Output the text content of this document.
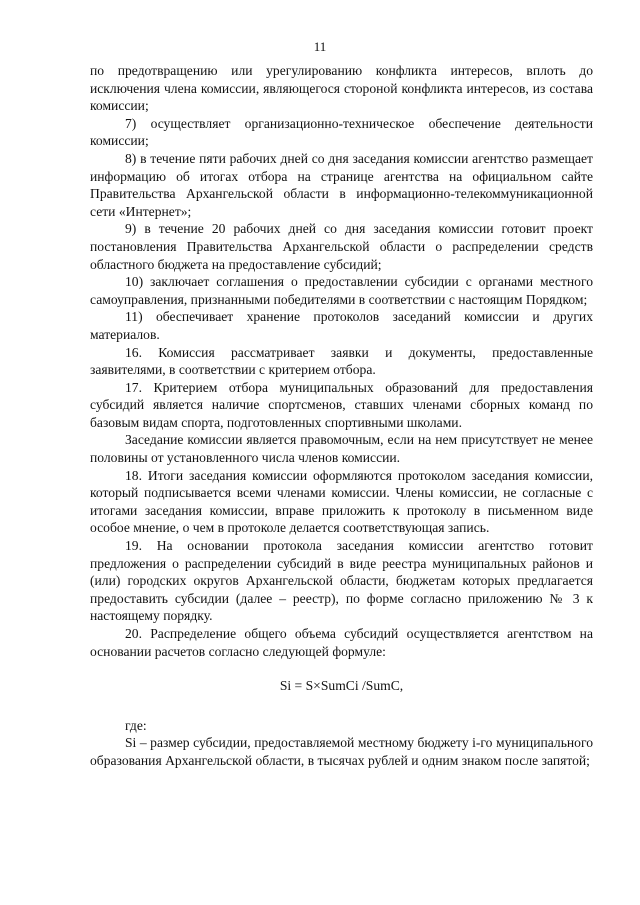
11

по предотвращению или урегулированию конфликта интересов, вплоть до исключения члена комиссии, являющегося стороной конфликта интересов, из состава комиссии;

7) осуществляет организационно-техническое обеспечение деятельности комиссии;

8) в течение пяти рабочих дней со дня заседания комиссии агентство размещает информацию об итогах отбора на странице агентства на официальном сайте Правительства Архангельской области в информационно-телекоммуникационной сети «Интернет»;

9) в течение 20 рабочих дней со дня заседания комиссии готовит проект постановления Правительства Архангельской области о распределении средств областного бюджета на предоставление субсидий;

10) заключает соглашения о предоставлении субсидии с органами местного самоуправления, признанными победителями в соответствии с настоящим Порядком;

11) обеспечивает хранение протоколов заседаний комиссии и других материалов.

16. Комиссия рассматривает заявки и документы, предоставленные заявителями, в соответствии с критерием отбора.

17. Критерием отбора муниципальных образований для предоставления субсидий является наличие спортсменов, ставших членами сборных команд по базовым видам спорта, подготовленных спортивными школами.

Заседание комиссии является правомочным, если на нем присутствует не менее половины от установленного числа членов комиссии.

18. Итоги заседания комиссии оформляются протоколом заседания комиссии, который подписывается всеми членами комиссии. Члены комиссии, не согласные с итогами заседания комиссии, вправе приложить к протоколу в письменном виде особое мнение, о чем в протоколе делается соответствующая запись.

19. На основании протокола заседания комиссии агентство готовит предложения о распределении субсидий в виде реестра муниципальных районов и (или) городских округов Архангельской области, бюджетам которых предлагается предоставить субсидии (далее – реестр), по форме согласно приложению № 3 к настоящему порядку.

20. Распределение общего объема субсидий осуществляется агентством на основании расчетов согласно следующей формуле:

Si = S×SumCi /SumC,

где:

Si – размер субсидии, предоставляемой местному бюджету i-го муниципального образования Архангельской области, в тысячах рублей и одним знаком после запятой;
